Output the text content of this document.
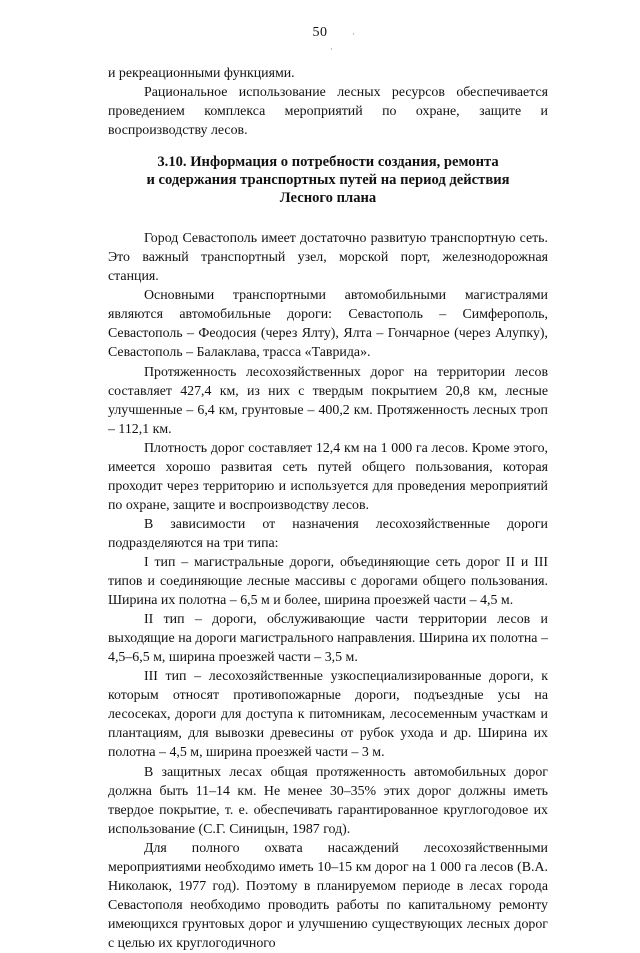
50	·
·

и рекреационными функциями.

Рациональное использование лесных ресурсов обеспечивается проведением комплекса мероприятий по охране, защите и воспроизводству лесов.

3.10. Информация о потребности создания, ремонта
и содержания транспортных путей на период действия
Лесного плана

Город Севастополь имеет достаточно развитую транспортную сеть. Это важный транспортный узел, морской порт, железнодорожная станция.

Основными транспортными автомобильными магистралями являются автомобильные дороги: Севастополь – Симферополь, Севастополь – Феодосия (через Ялту), Ялта – Гончарное (через Алупку), Севастополь – Балаклава, трасса «Таврида».

Протяженность лесохозяйственных дорог на территории лесов составляет 427,4 км, из них с твердым покрытием 20,8 км, лесные улучшенные – 6,4 км, грунтовые – 400,2 км. Протяженность лесных троп – 112,1 км.

Плотность дорог составляет 12,4 км на 1 000 га лесов. Кроме этого, имеется хорошо развитая сеть путей общего пользования, которая проходит через территорию и используется для проведения мероприятий по охране, защите и воспроизводству лесов.

В зависимости от назначения лесохозяйственные дороги подразделяются на три типа:

I тип – магистральные дороги, объединяющие сеть дорог II и III типов и соединяющие лесные массивы с дорогами общего пользования. Ширина их полотна – 6,5 м и более, ширина проезжей части – 4,5 м.

II тип – дороги, обслуживающие части территории лесов и выходящие на дороги магистрального направления. Ширина их полотна – 4,5–6,5 м, ширина проезжей части – 3,5 м.

III тип – лесохозяйственные узкоспециализированные дороги, к которым относят противопожарные дороги, подъездные усы на лесосеках, дороги для доступа к питомникам, лесосеменным участкам и плантациям, для вывозки древесины от рубок ухода и др. Ширина их полотна – 4,5 м, ширина проезжей части – 3 м.

В защитных лесах общая протяженность автомобильных дорог должна быть 11–14 км. Не менее 30–35% этих дорог должны иметь твердое покрытие, т. е. обеспечивать гарантированное круглогодовое их использование (С.Г. Синицын, 1987 год).

Для полного охвата насаждений лесохозяйственными мероприятиями необходимо иметь 10–15 км дорог на 1 000 га лесов (В.А. Николаюк, 1977 год). Поэтому в планируемом периоде в лесах города Севастополя необходимо проводить работы по капитальному ремонту имеющихся грунтовых дорог и улучшению существующих лесных дорог с целью их круглогодичного
